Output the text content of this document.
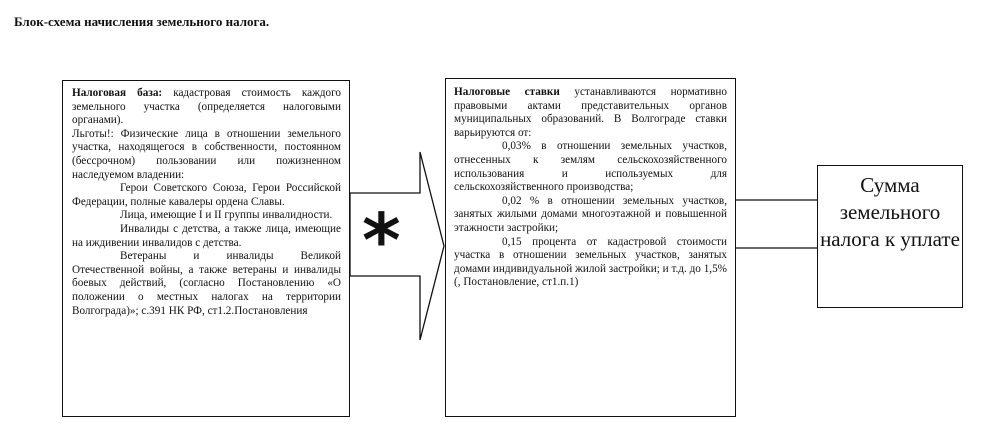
Блок-схема начисления земельного налога.
*

Налоговая база: кадастровая стоимость каждого земельного участка (определяется налоговыми органами).

Льготы!: Физические лица в отношении земельного участка, находящегося в собственности, постоянном (бессрочном) пользовании или пожизненном наследуемом владении:

Герои Советского Союза, Герои Российской Федерации, полные кавалеры ордена Славы.

Лица, имеющие I и II группы инвалидности.

Инвалиды с детства, а также лица, имеющие на иждивении инвалидов с детства.

Ветераны и инвалиды Великой Отечественной войны, а также ветераны и инвалиды боевых действий, (согласно Постановлению «О положении о местных налогах на территории Волгограда)»; с.391 НК РФ, ст1.2.Постановления

Налоговые ставки устанавливаются нормативно правовыми актами представительных органов муниципальных образований. В Волгограде ставки варьируются от:

0,03% в отношении земельных участков, отнесенных к землям сельскохозяйственного использования и используемых для сельскохозяйственного производства;

0,02 % в отношении земельных участков, занятых жилыми домами многоэтажной и повышенной этажности застройки;

0,15 процента от кадастровой стоимости участка в отношении земельных участков, занятых домами индивидуальной жилой застройки; и т.д. до 1,5% (, Постановление, ст1.п.1)

Сумма земельного налога к уплате
